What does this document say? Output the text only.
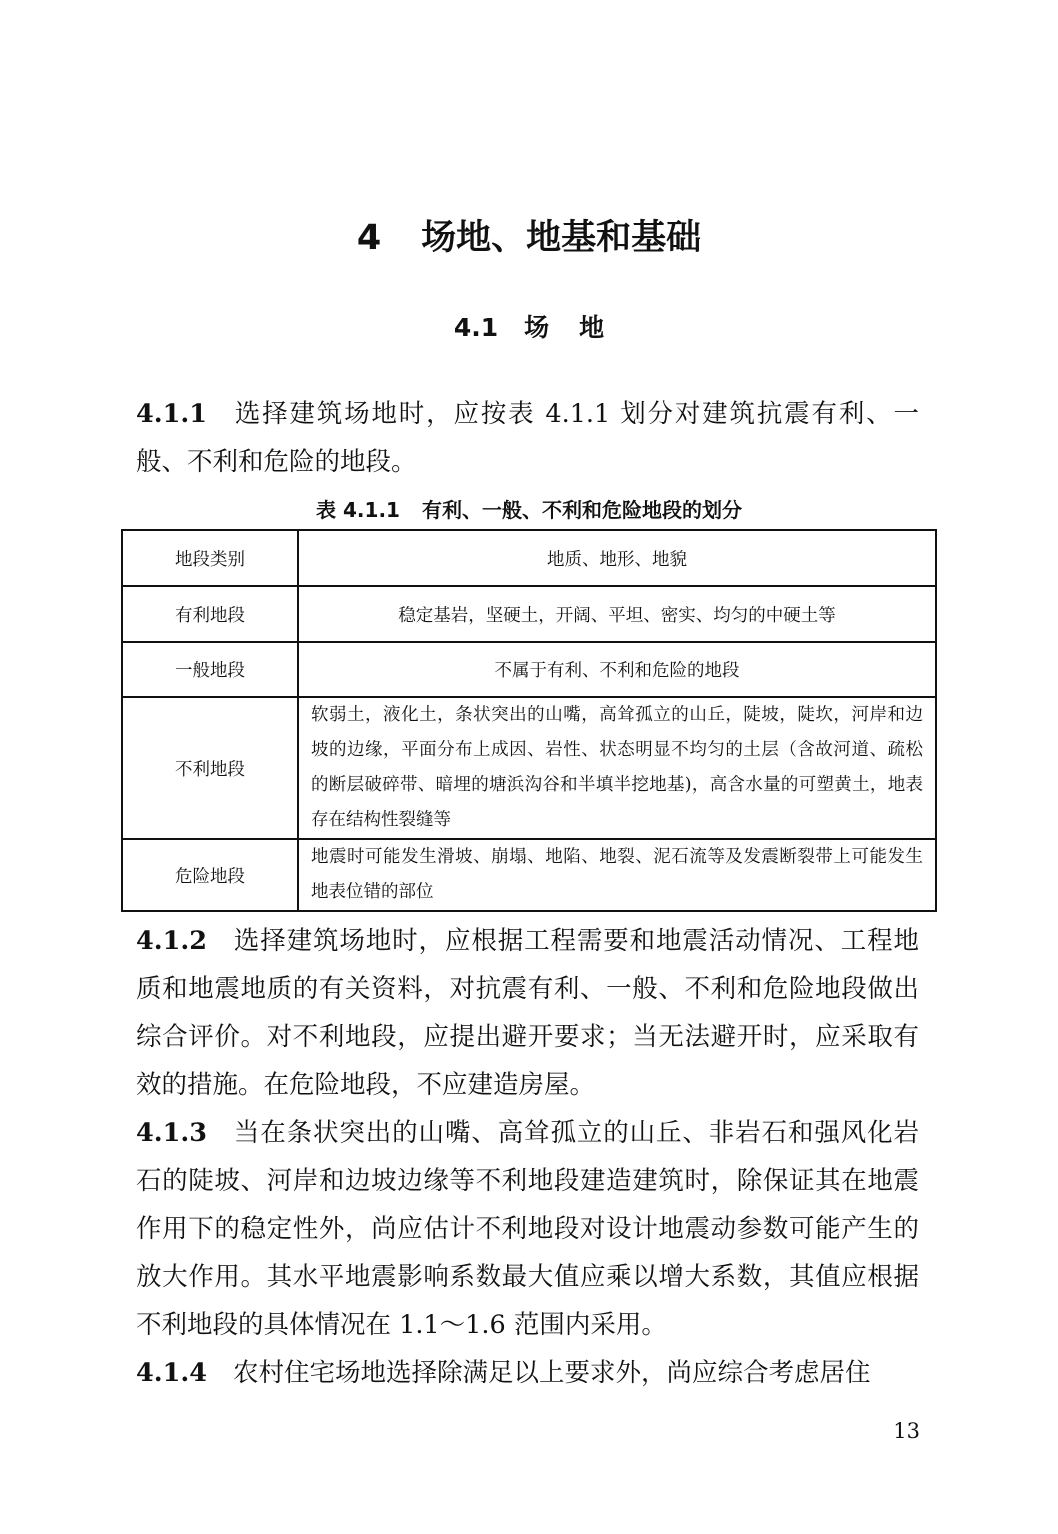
4 场地、地基和基础
4.1 场地

4.1.1 选择建筑场地时，应按表 4.1.1 划分对建筑抗震有利、一般、不利和危险的地段。

表 4.1.1 有利、一般、不利和危险地段的划分
地段类别	地质、地形、地貌
有利地段	稳定基岩，坚硬土，开阔、平坦、密实、均匀的中硬土等
一般地段	不属于有利、不利和危险的地段
不利地段	软弱土，液化土，条状突出的山嘴，高耸孤立的山丘，陡坡，陡坎，河岸和边坡的边缘，平面分布上成因、岩性、状态明显不均匀的土层（含故河道、疏松的断层破碎带、暗埋的塘浜沟谷和半填半挖地基)，高含水量的可塑黄土，地表存在结构性裂缝等
危险地段	地震时可能发生滑坡、崩塌、地陷、地裂、泥石流等及发震断裂带上可能发生地表位错的部位

4.1.2 选择建筑场地时，应根据工程需要和地震活动情况、工程地质和地震地质的有关资料，对抗震有利、一般、不利和危险地段做出综合评价。对不利地段，应提出避开要求；当无法避开时，应采取有效的措施。在危险地段，不应建造房屋。

4.1.3 当在条状突出的山嘴、高耸孤立的山丘、非岩石和强风化岩石的陡坡、河岸和边坡边缘等不利地段建造建筑时，除保证其在地震作用下的稳定性外，尚应估计不利地段对设计地震动参数可能产生的放大作用。其水平地震影响系数最大值应乘以增大系数，其值应根据不利地段的具体情况在 1.1～1.6 范围内采用。

4.1.4 农村住宅场地选择除满足以上要求外，尚应综合考虑居住

13
